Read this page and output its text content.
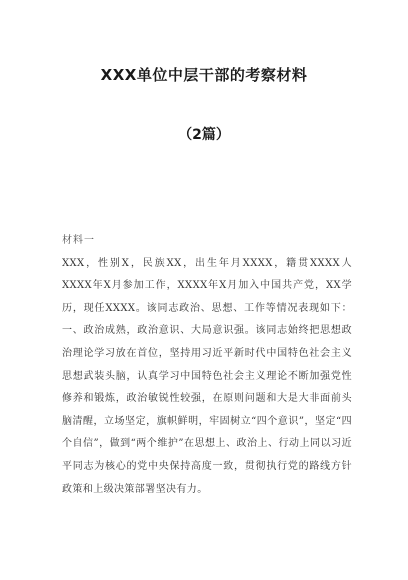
XXX单位中层干部的考察材料
（2篇）
材料一
XXX，性别X，民族XX，出生年月XXXX，籍贯XXXX人XXXX年X月参加工作，XXXX年X月加入中国共产党，XX学历，现任XXXX。该同志政治、思想、工作等情况表现如下：一、政治成熟，政治意识、大局意识强。该同志始终把思想政治理论学习放在首位，坚持用习近平新时代中国特色社会主义思想武装头脑，认真学习中国特色社会主义理论不断加强党性修养和锻炼，政治敏锐性较强，在原则问题和大是大非面前头脑清醒，立场坚定，旗帜鲜明，牢固树立“四个意识”，坚定“四个自信”，做到“两个维护”在思想上、政治上、行动上同以习近平同志为核心的党中央保持高度一致，贯彻执行党的路线方针政策和上级决策部署坚决有力。
